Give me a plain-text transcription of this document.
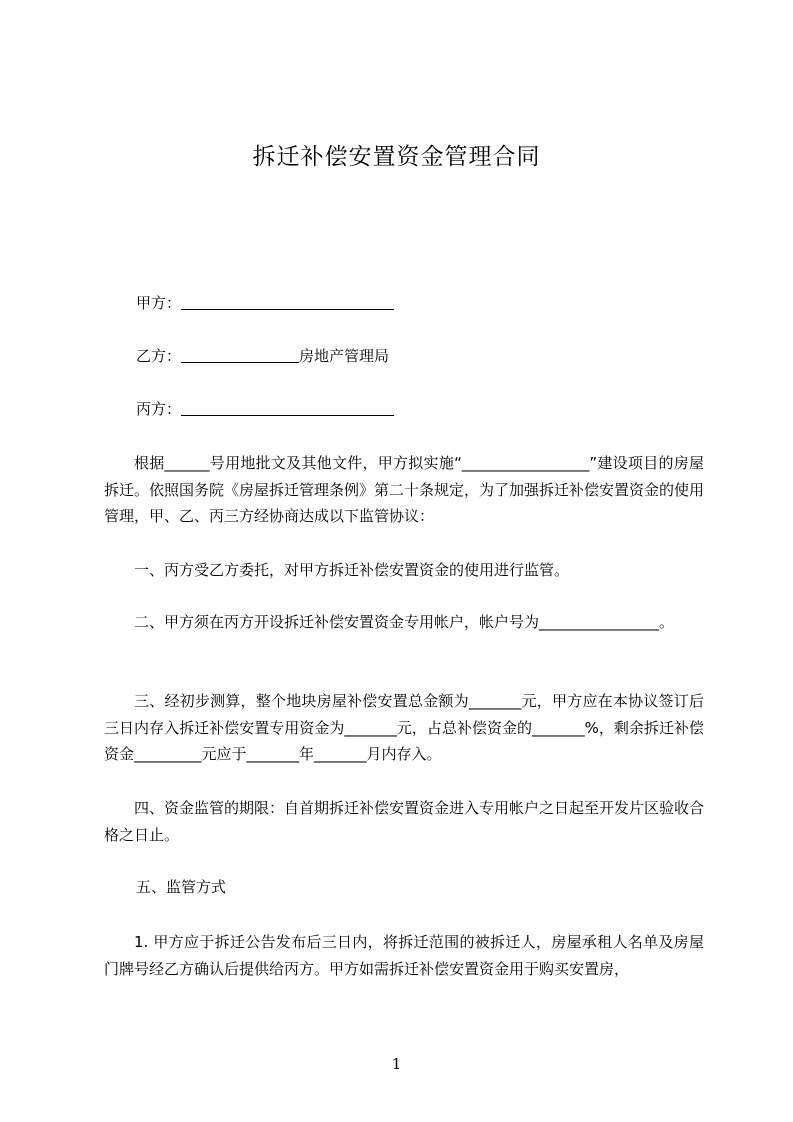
拆迁补偿安置资金管理合同
甲方：
乙方：	房地产管理局
丙方：
根据______号用地批文及其他文件，甲方拟实施“_________________”建设项目的房屋拆迁。依照国务院《房屋拆迁管理条例》第二十条规定，为了加强拆迁补偿安置资金的使用管理，甲、乙、丙三方经协商达成以下监管协议：
一、丙方受乙方委托，对甲方拆迁补偿安置资金的使用进行监管。
二、甲方须在丙方开设拆迁补偿安置资金专用帐户，帐户号为________________。
三、经初步测算，整个地块房屋补偿安置总金额为_______元，甲方应在本协议签订后三日内存入拆迁补偿安置专用资金为_______元，占总补偿资金的_______%，剩余拆迁补偿资金_________元应于_______年_______月内存入。
四、资金监管的期限：自首期拆迁补偿安置资金进入专用帐户之日起至开发片区验收合格之日止。
五、监管方式
1. 甲方应于拆迁公告发布后三日内，将拆迁范围的被拆迁人，房屋承租人名单及房屋门牌号经乙方确认后提供给丙方。甲方如需拆迁补偿安置资金用于购买安置房，
1
